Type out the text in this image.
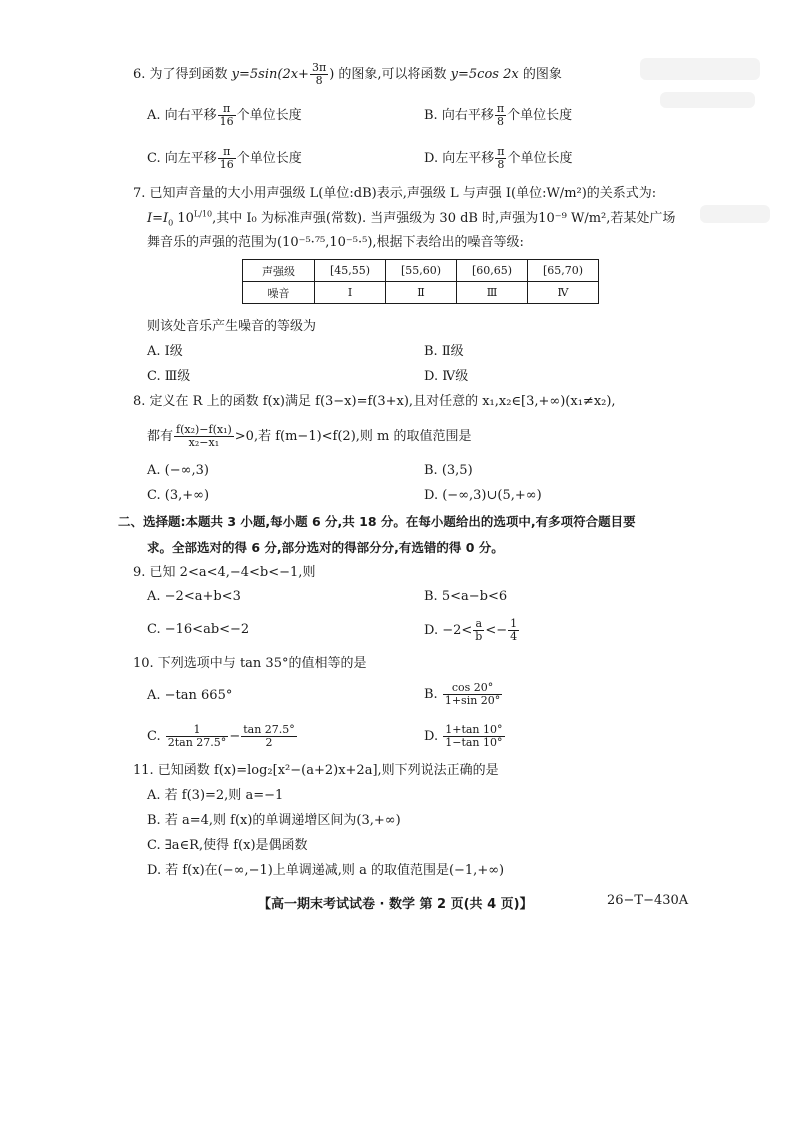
6. 为了得到函数 $y=5\sin(2x+ \frac{3\pi}{8}$ ) 的图象,可以将函数 y=5cos 2x 的图象
A. 向右平移 $\frac{\pi}{16}$ 个单位长度	B. 向右平移 $\frac{\pi}{8}$ 个单位长度
C. 向左平移 $\frac{\pi}{16}$ 个单位长度	D. 向左平移 $\frac{\pi}{8}$ 个单位长度
7. 已知声音量的大小用声强级 L(单位:dB)表示,声强级 L 与声强 I(单位:W/m²)的关系式为:
$I=I_0$ $10^{L/10}$,其中 I₀ 为标准声强(常数). 当声强级为 30 dB 时,声强为10⁻⁹ W/m²,若某处广场
舞音乐的声强的范围为(10⁻⁵·⁷⁵,10⁻⁵·⁵),根据下表给出的噪音等级:
声强级	[45,55)	[55,60)	[60,65)	[65,70)
噪音	Ⅰ	Ⅱ	Ⅲ	Ⅳ
则该处音乐产生噪音的等级为
A. Ⅰ级	B. Ⅱ级
C. Ⅲ级	D. Ⅳ级
8. 定义在 R 上的函数 f(x)满足 f(3−x)=f(3+x),且对任意的 x₁,x₂∈[3,+∞)(x₁≠x₂),
都有 $\frac{\text{f(x₂)−f(x₁)}}{\text{x₂−x₁}} >0$,若 f(m−1)<f(2),则 m 的取值范围是
A. (−∞,3)	B. (3,5)
C. (3,+∞)	D. (−∞,3)∪(5,+∞)
二、选择题:本题共 3 小题,每小题 6 分,共 18 分。在每小题给出的选项中,有多项符合题目要
求。全部选对的得 6 分,部分选对的得部分分,有选错的得 0 分。
9. 已知 2<a<4,−4<b<−1,则
A. −2<a+b<3	B. 5<a−b<6
C. −16<ab<−2	D. $-2< \frac{a}{b} <- \frac{1}{4}$
10. 下列选项中与 tan 35°的值相等的是
A. −tan 665°	B. $\frac{\cos 20^\circ}{1+\sin 20^\circ}$
C. $\frac{1}{2\tan 27.5^\circ} - \frac{\tan 27.5^\circ}{2}$	D. $\frac{1+\tan 10^\circ}{1-\tan 10^\circ}$
11. 已知函数 f(x)=log₂[x²−(a+2)x+2a],则下列说法正确的是
A. 若 f(3)=2,则 a=−1
B. 若 a=4,则 f(x)的单调递增区间为(3,+∞)
C. ∃a∈R,使得 f(x)是偶函数
D. 若 f(x)在(−∞,−1)上单调递减,则 a 的取值范围是(−1,+∞)
【高一期末考试试卷 · 数学 第 2 页(共 4 页)】	26−T−430A
